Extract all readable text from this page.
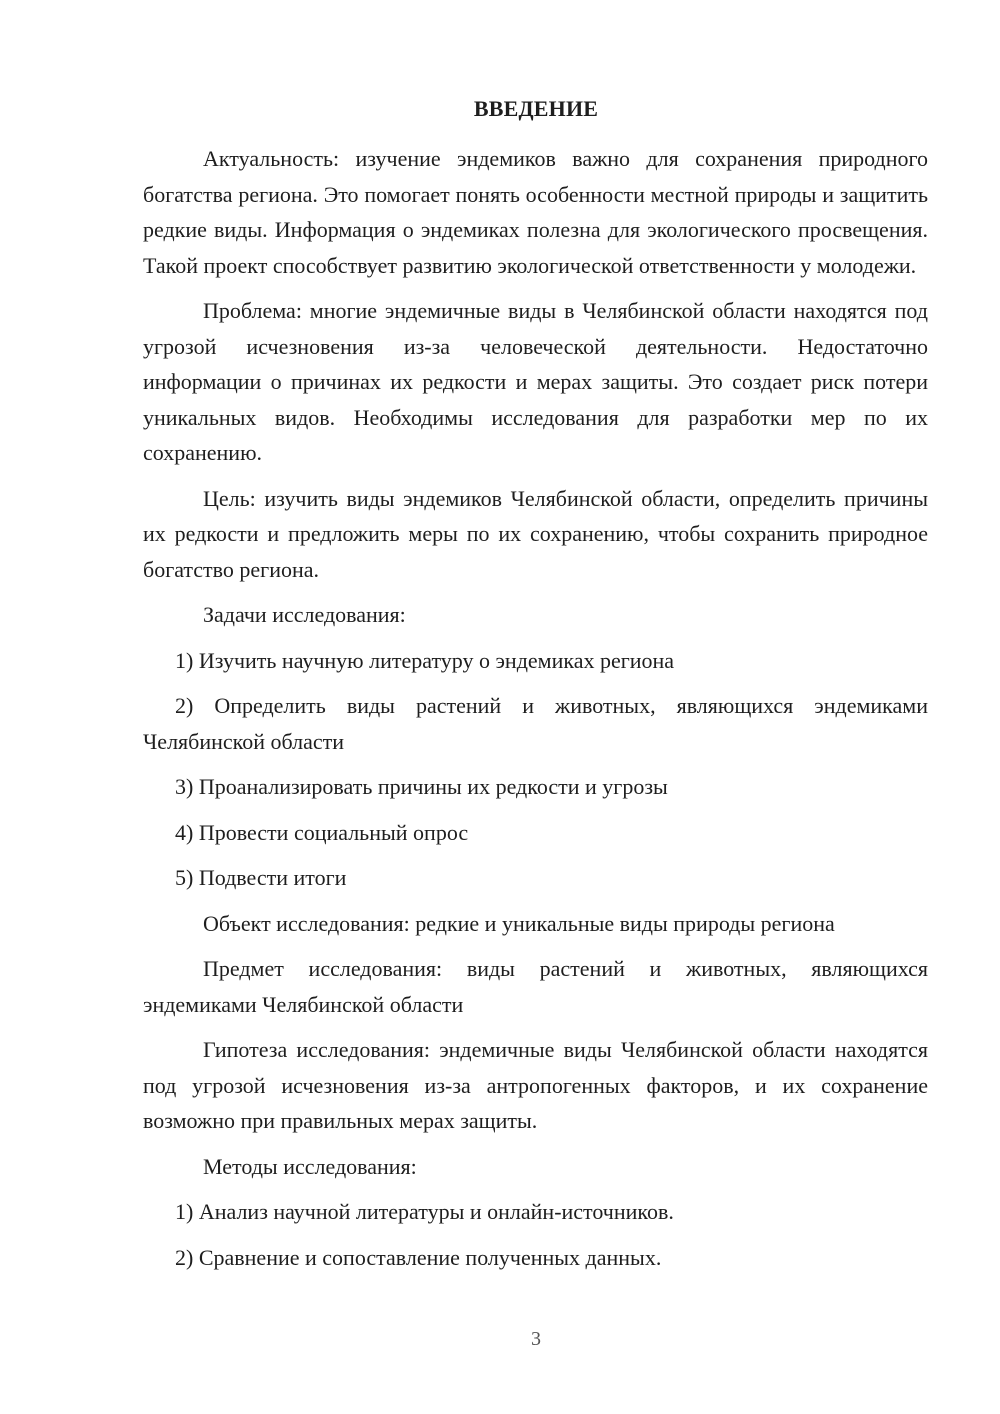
ВВЕДЕНИЕ

Актуальность: изучение эндемиков важно для сохранения природного богатства региона. Это помогает понять особенности местной природы и защитить редкие виды. Информация о эндемиках полезна для экологического просвещения. Такой проект способствует развитию экологической ответственности у молодежи.

Проблема: многие эндемичные виды в Челябинской области находятся под угрозой исчезновения из-за человеческой деятельности. Недостаточно информации о причинах их редкости и мерах защиты. Это создает риск потери уникальных видов. Необходимы исследования для разработки мер по их сохранению.

Цель: изучить виды эндемиков Челябинской области, определить причины их редкости и предложить меры по их сохранению, чтобы сохранить природное богатство региона.

Задачи исследования:

1) Изучить научную литературу о эндемиках региона

2) Определить виды растений и животных, являющихся эндемиками Челябинской области

3) Проанализировать причины их редкости и угрозы

4) Провести социальный опрос

5) Подвести итоги

Объект исследования: редкие и уникальные виды природы региона

Предмет исследования: виды растений и животных, являющихся эндемиками Челябинской области

Гипотеза исследования: эндемичные виды Челябинской области находятся под угрозой исчезновения из-за антропогенных факторов, и их сохранение возможно при правильных мерах защиты.

Методы исследования:

1) Анализ научной литературы и онлайн-источников.

2) Сравнение и сопоставление полученных данных.

3
